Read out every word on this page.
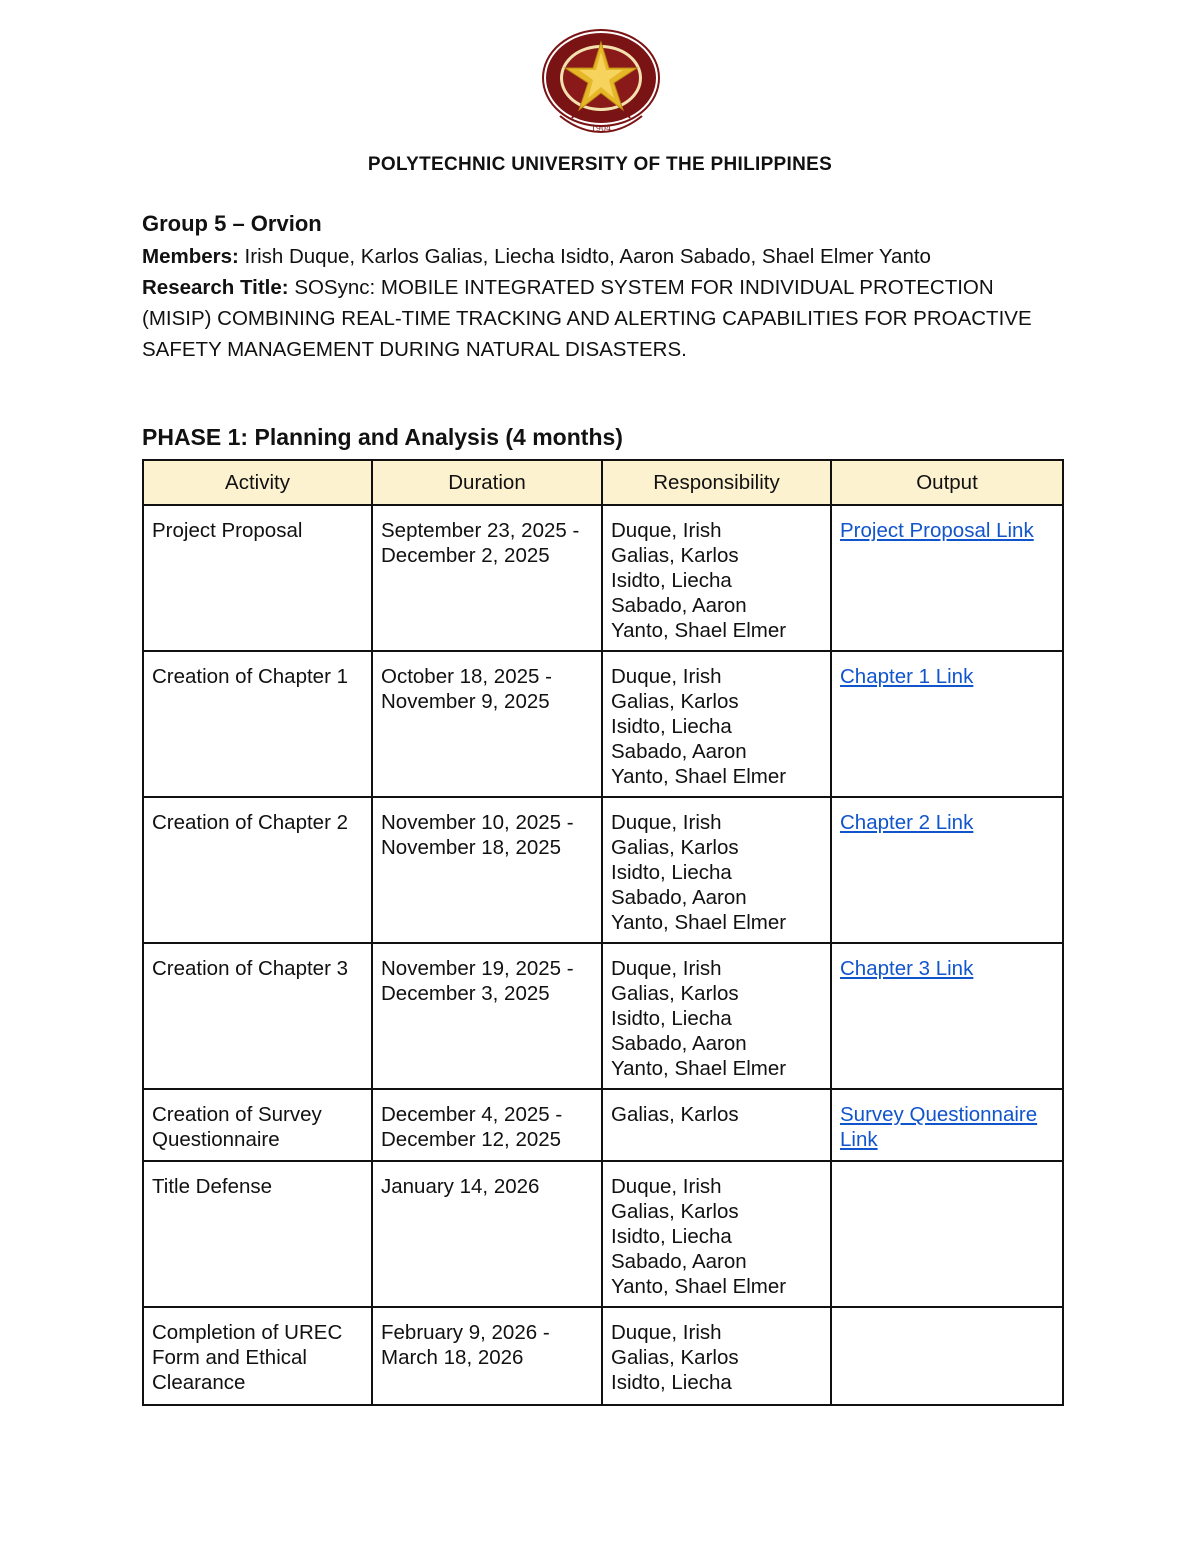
1904
POLYTECHNIC UNIVERSITY OF THE PHILIPPINES
Group 5 – Orvion
Members: Irish Duque, Karlos Galias, Liecha Isidto, Aaron Sabado, Shael Elmer Yanto
Research Title: SOSync: MOBILE INTEGRATED SYSTEM FOR INDIVIDUAL PROTECTION (MISIP) COMBINING REAL-TIME TRACKING AND ALERTING CAPABILITIES FOR PROACTIVE SAFETY MANAGEMENT DURING NATURAL DISASTERS.
PHASE 1: Planning and Analysis (4 months)
Activity	Duration	Responsibility	Output
Project Proposal	September 23, 2025 - December 2, 2025	Duque, Irish
Galias, Karlos
Isidto, Liecha
Sabado, Aaron
Yanto, Shael Elmer	Project Proposal Link
Creation of Chapter 1	October 18, 2025 - November 9, 2025	Duque, Irish
Galias, Karlos
Isidto, Liecha
Sabado, Aaron
Yanto, Shael Elmer	Chapter 1 Link
Creation of Chapter 2	November 10, 2025 - November 18, 2025	Duque, Irish
Galias, Karlos
Isidto, Liecha
Sabado, Aaron
Yanto, Shael Elmer	Chapter 2 Link
Creation of Chapter 3	November 19, 2025 - December 3, 2025	Duque, Irish
Galias, Karlos
Isidto, Liecha
Sabado, Aaron
Yanto, Shael Elmer	Chapter 3 Link
Creation of Survey Questionnaire	December 4, 2025 - December 12, 2025	Galias, Karlos	Survey Questionnaire Link
Title Defense	January 14, 2026	Duque, Irish
Galias, Karlos
Isidto, Liecha
Sabado, Aaron
Yanto, Shael Elmer	

Completion of UREC Form and Ethical Clearance	February 9, 2026 - March 18, 2026	Duque, Irish
Galias, Karlos
Isidto, Liecha	
